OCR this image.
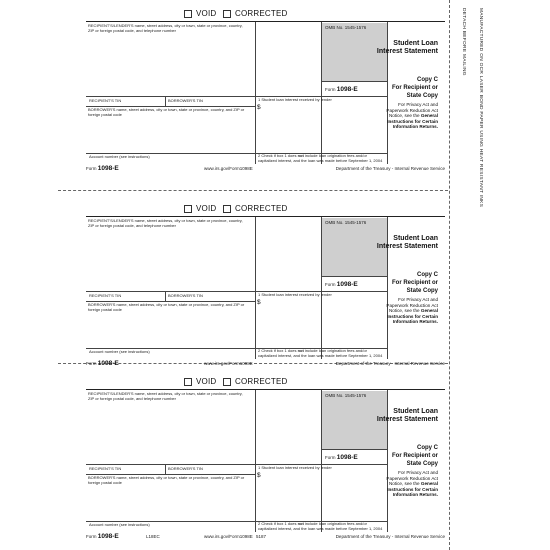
DETACH BEFORE MAILING	MANUFACTURED ON OCR LASER BOND PAPER USING HEAT RESISTANT INKS
VOID CORRECTED
RECIPIENT'S/LENDER'S name, street address, city or town, state or province, country, ZIP or foreign postal code, and telephone number
RECIPIENT'S TIN	BORROWER'S TIN
BORROWER'S name, street address, city or town, state or province, country, and ZIP or foreign postal code
Account number (see instructions)
1 Student loan interest received by lender
$
2 Check if box 1 does not include loan origination fees and/or capitalized interest, and the loan was made before September 1, 2004
OMB No. 1545-1576
Form 1098-E
Student Loan Interest Statement
Copy C
For Recipient or State Copy
For Privacy Act and Paperwork Reduction Act Notice, see the General Instructions for Certain Information Returns.
Form 1098-E	www.irs.gov/Form1098E	Department of the Treasury - Internal Revenue Service
VOID CORRECTED
RECIPIENT'S/LENDER'S name, street address, city or town, state or province, country, ZIP or foreign postal code, and telephone number
RECIPIENT'S TIN	BORROWER'S TIN
BORROWER'S name, street address, city or town, state or province, country, and ZIP or foreign postal code
Account number (see instructions)
1 Student loan interest received by lender
$
2 Check if box 1 does not include loan origination fees and/or capitalized interest, and the loan was made before September 1, 2004
OMB No. 1545-1576
Form 1098-E
Student Loan Interest Statement
Copy C
For Recipient or State Copy
For Privacy Act and Paperwork Reduction Act Notice, see the General Instructions for Certain Information Returns.
Form 1098-E	www.irs.gov/Form1098E	Department of the Treasury - Internal Revenue Service
VOID CORRECTED
RECIPIENT'S/LENDER'S name, street address, city or town, state or province, country, ZIP or foreign postal code, and telephone number
RECIPIENT'S TIN	BORROWER'S TIN
BORROWER'S name, street address, city or town, state or province, country, and ZIP or foreign postal code
Account number (see instructions)
1 Student loan interest received by lender
$
2 Check if box 1 does not include loan origination fees and/or capitalized interest, and the loan was made before September 1, 2004
OMB No. 1545-1576
Form 1098-E
Student Loan Interest Statement
Copy C
For Recipient or State Copy
For Privacy Act and Paperwork Reduction Act Notice, see the General Instructions for Certain Information Returns.
Form 1098-E	L18EC	www.irs.gov/Form1098E 5187	Department of the Treasury - Internal Revenue Service
